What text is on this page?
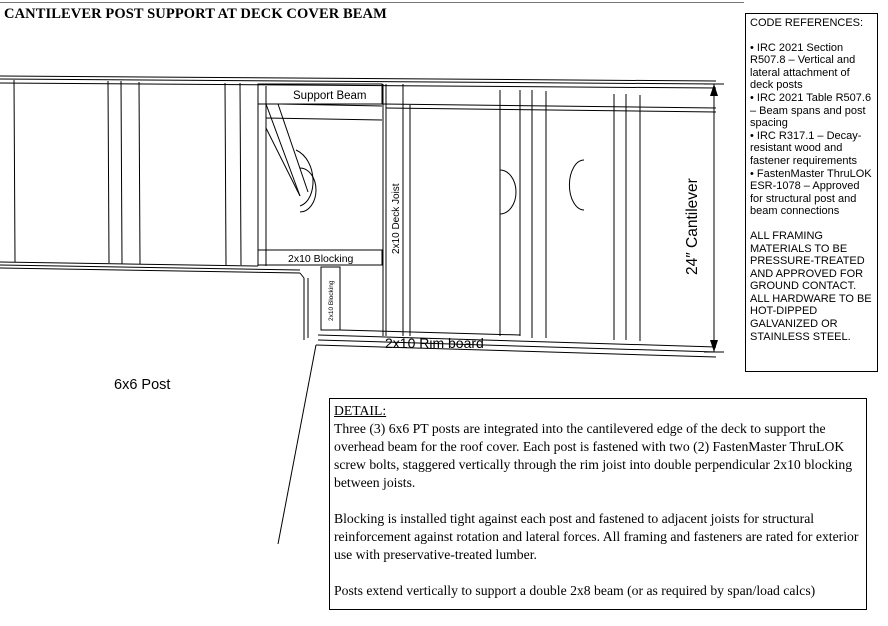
CANTILEVER POST SUPPORT AT DECK COVER BEAM
Support Beam
2x10 Blocking
2x10 Deck Joist
2x10 Blocking
2x10 Rim board
6x6 Post
24″ Cantilever
CODE REFERENCES:
• IRC 2021 Section R507.8 – Vertical and lateral attachment of deck posts
• IRC 2021 Table R507.6 – Beam spans and post spacing
• IRC R317.1 – Decay-resistant wood and fastener requirements
• FastenMaster ThruLOK ESR-1078 – Approved for structural post and beam connections
ALL FRAMING MATERIALS TO BE PRESSURE-TREATED AND APPROVED FOR GROUND CONTACT. ALL HARDWARE TO BE HOT-DIPPED GALVANIZED OR STAINLESS STEEL.
DETAIL:

Three (3) 6x6 PT posts are integrated into the cantilevered edge of the deck to support the overhead beam for the roof cover. Each post is fastened with two (2) FastenMaster ThruLOK screw bolts, staggered vertically through the rim joist into double perpendicular 2x10 blocking between joists.

Blocking is installed tight against each post and fastened to adjacent joists for structural reinforcement against rotation and lateral forces. All framing and fasteners are rated for exterior use with preservative-treated lumber.

Posts extend vertically to support a double 2x8 beam (or as required by span/load calcs)
